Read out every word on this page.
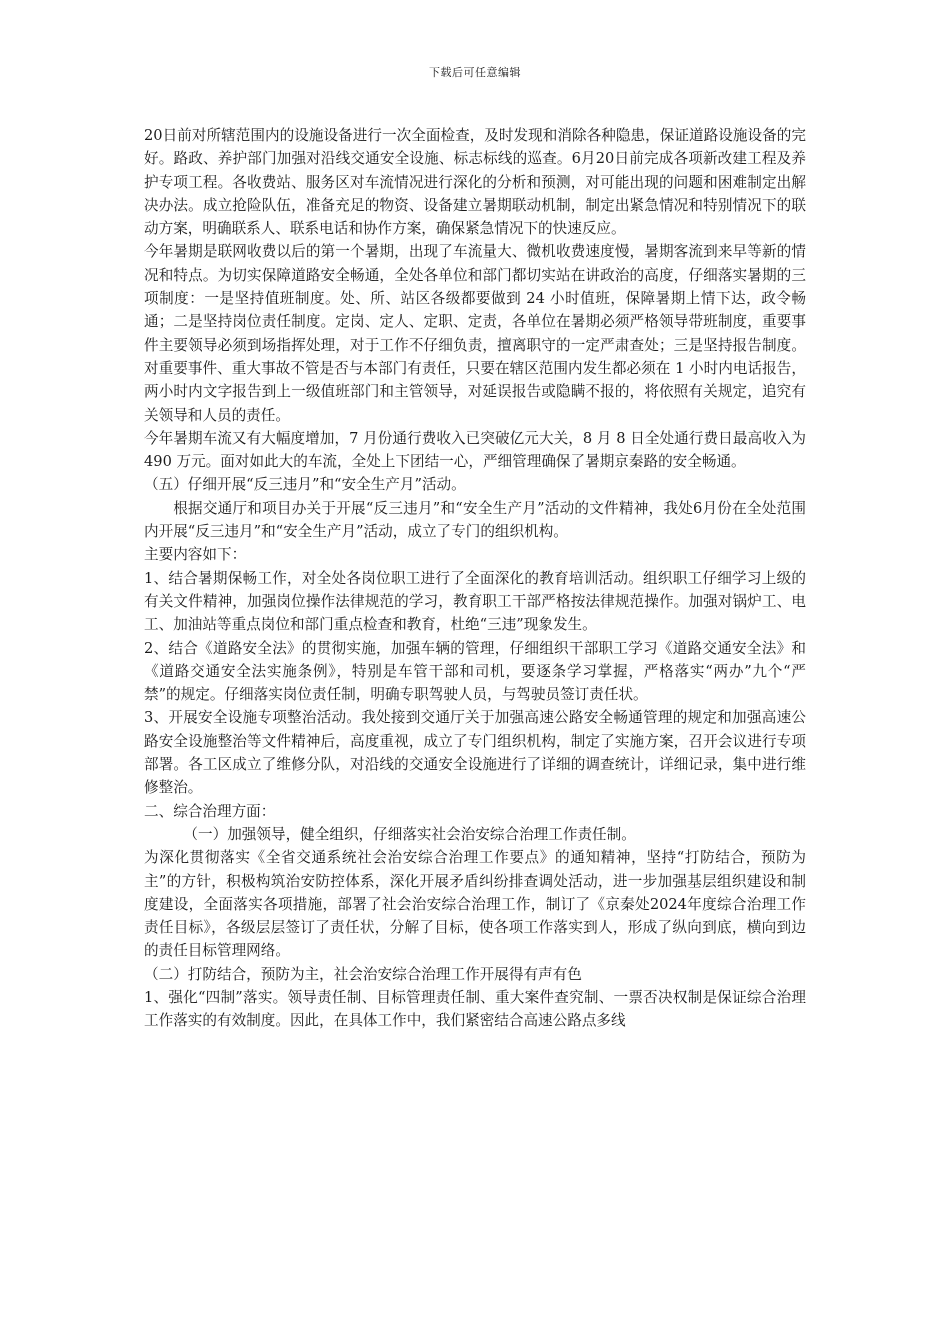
下载后可任意编辑

20日前对所辖范围内的设施设备进行一次全面检查，及时发现和消除各种隐患，保证道路设施设备的完好。路政、养护部门加强对沿线交通安全设施、标志标线的巡查。6月20日前完成各项新改建工程及养护专项工程。各收费站、服务区对车流情况进行深化的分析和预测，对可能出现的问题和困难制定出解决办法。成立抢险队伍，准备充足的物资、设备建立暑期联动机制，制定出紧急情况和特别情况下的联动方案，明确联系人、联系电话和协作方案，确保紧急情况下的快速反应。

今年暑期是联网收费以后的第一个暑期，出现了车流量大、微机收费速度慢，暑期客流到来早等新的情况和特点。为切实保障道路安全畅通，全处各单位和部门都切实站在讲政治的高度，仔细落实暑期的三项制度：一是坚持值班制度。处、所、站区各级都要做到 24 小时值班，保障暑期上情下达，政令畅通；二是坚持岗位责任制度。定岗、定人、定职、定责，各单位在暑期必须严格领导带班制度，重要事件主要领导必须到场指挥处理，对于工作不仔细负责，擅离职守的一定严肃查处；三是坚持报告制度。对重要事件、重大事故不管是否与本部门有责任，只要在辖区范围内发生都必须在 1 小时内电话报告，两小时内文字报告到上一级值班部门和主管领导，对延误报告或隐瞒不报的，将依照有关规定，追究有关领导和人员的责任。

今年暑期车流又有大幅度增加，7 月份通行费收入已突破亿元大关，8 月 8 日全处通行费日最高收入为 490 万元。面对如此大的车流，全处上下团结一心，严细管理确保了暑期京秦路的安全畅通。

（五）仔细开展“反三违月”和“安全生产月”活动。

根据交通厅和项目办关于开展“反三违月”和“安全生产月”活动的文件精神，我处6月份在全处范围内开展“反三违月”和“安全生产月”活动，成立了专门的组织机构。

主要内容如下：

1、结合暑期保畅工作，对全处各岗位职工进行了全面深化的教育培训活动。组织职工仔细学习上级的有关文件精神，加强岗位操作法律规范的学习，教育职工干部严格按法律规范操作。加强对锅炉工、电工、加油站等重点岗位和部门重点检查和教育，杜绝“三违”现象发生。

2、结合《道路安全法》的贯彻实施，加强车辆的管理，仔细组织干部职工学习《道路交通安全法》和《道路交通安全法实施条例》，特别是车管干部和司机，要逐条学习掌握，严格落实“两办”九个“严禁”的规定。仔细落实岗位责任制，明确专职驾驶人员，与驾驶员签订责任状。

3、开展安全设施专项整治活动。我处接到交通厅关于加强高速公路安全畅通管理的规定和加强高速公路安全设施整治等文件精神后，高度重视，成立了专门组织机构，制定了实施方案，召开会议进行专项部署。各工区成立了维修分队，对沿线的交通安全设施进行了详细的调查统计，详细记录，集中进行维修整治。

二、综合治理方面：

（一）加强领导，健全组织，仔细落实社会治安综合治理工作责任制。

为深化贯彻落实《全省交通系统社会治安综合治理工作要点》的通知精神，坚持“打防结合，预防为主”的方针，积极构筑治安防控体系，深化开展矛盾纠纷排查调处活动，进一步加强基层组织建设和制度建设，全面落实各项措施，部署了社会治安综合治理工作，制订了《京秦处2024年度综合治理工作责任目标》，各级层层签订了责任状，分解了目标，使各项工作落实到人，形成了纵向到底，横向到边的责任目标管理网络。

（二）打防结合，预防为主，社会治安综合治理工作开展得有声有色

1、强化“四制”落实。领导责任制、目标管理责任制、重大案件查究制、一票否决权制是保证综合治理工作落实的有效制度。因此，在具体工作中，我们紧密结合高速公路点多线
